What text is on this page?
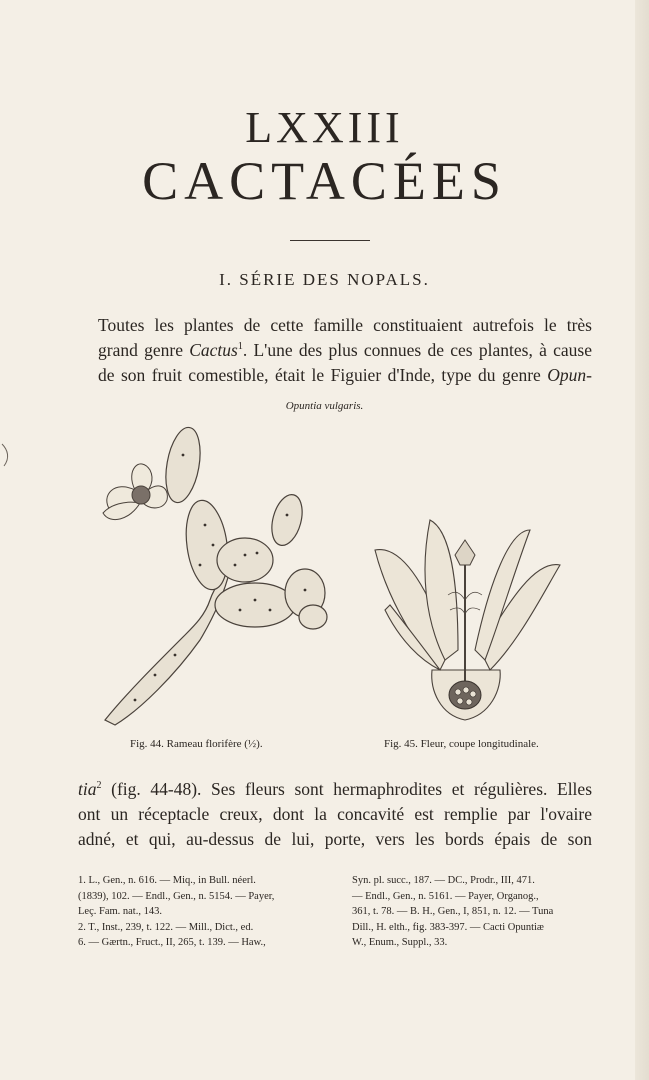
LXXIII
CACTACÉES
I. SÉRIE DES NOPALS.
Toutes les plantes de cette famille constituaient autrefois le très
grand genre Cactus$^1$. L'une des plus connues de ces plantes, à cause
de son fruit comestible, était le Figuier d'Inde, type du genre Opun-
Opuntia vulgaris.
Fig. 44. Rameau florifère (½).	Fig. 45. Fleur, coupe longitudinale.
tia$^2$ (fig. 44-48). Ses fleurs sont hermaphrodites et régulières. Elles
ont un réceptacle creux, dont la concavité est remplie par l'ovaire
adné, et qui, au-dessus de lui, porte, vers les bords épais de son

1. L., Gen., n. 616. — Miq., in Bull. néerl.

(1839), 102. — Endl., Gen., n. 5154. — Payer,

Leç. Fam. nat., 143.

2. T., Inst., 239, t. 122. — Mill., Dict., ed.

6. — Gærtn., Fruct., II, 265, t. 139. — Haw.,

Syn. pl. succ., 187. — DC., Prodr., III, 471.

— Endl., Gen., n. 5161. — Payer, Organog.,

361, t. 78. — B. H., Gen., I, 851, n. 12. — Tuna

Dill., H. elth., fig. 383-397. — Cacti Opuntiæ

W., Enum., Suppl., 33.
